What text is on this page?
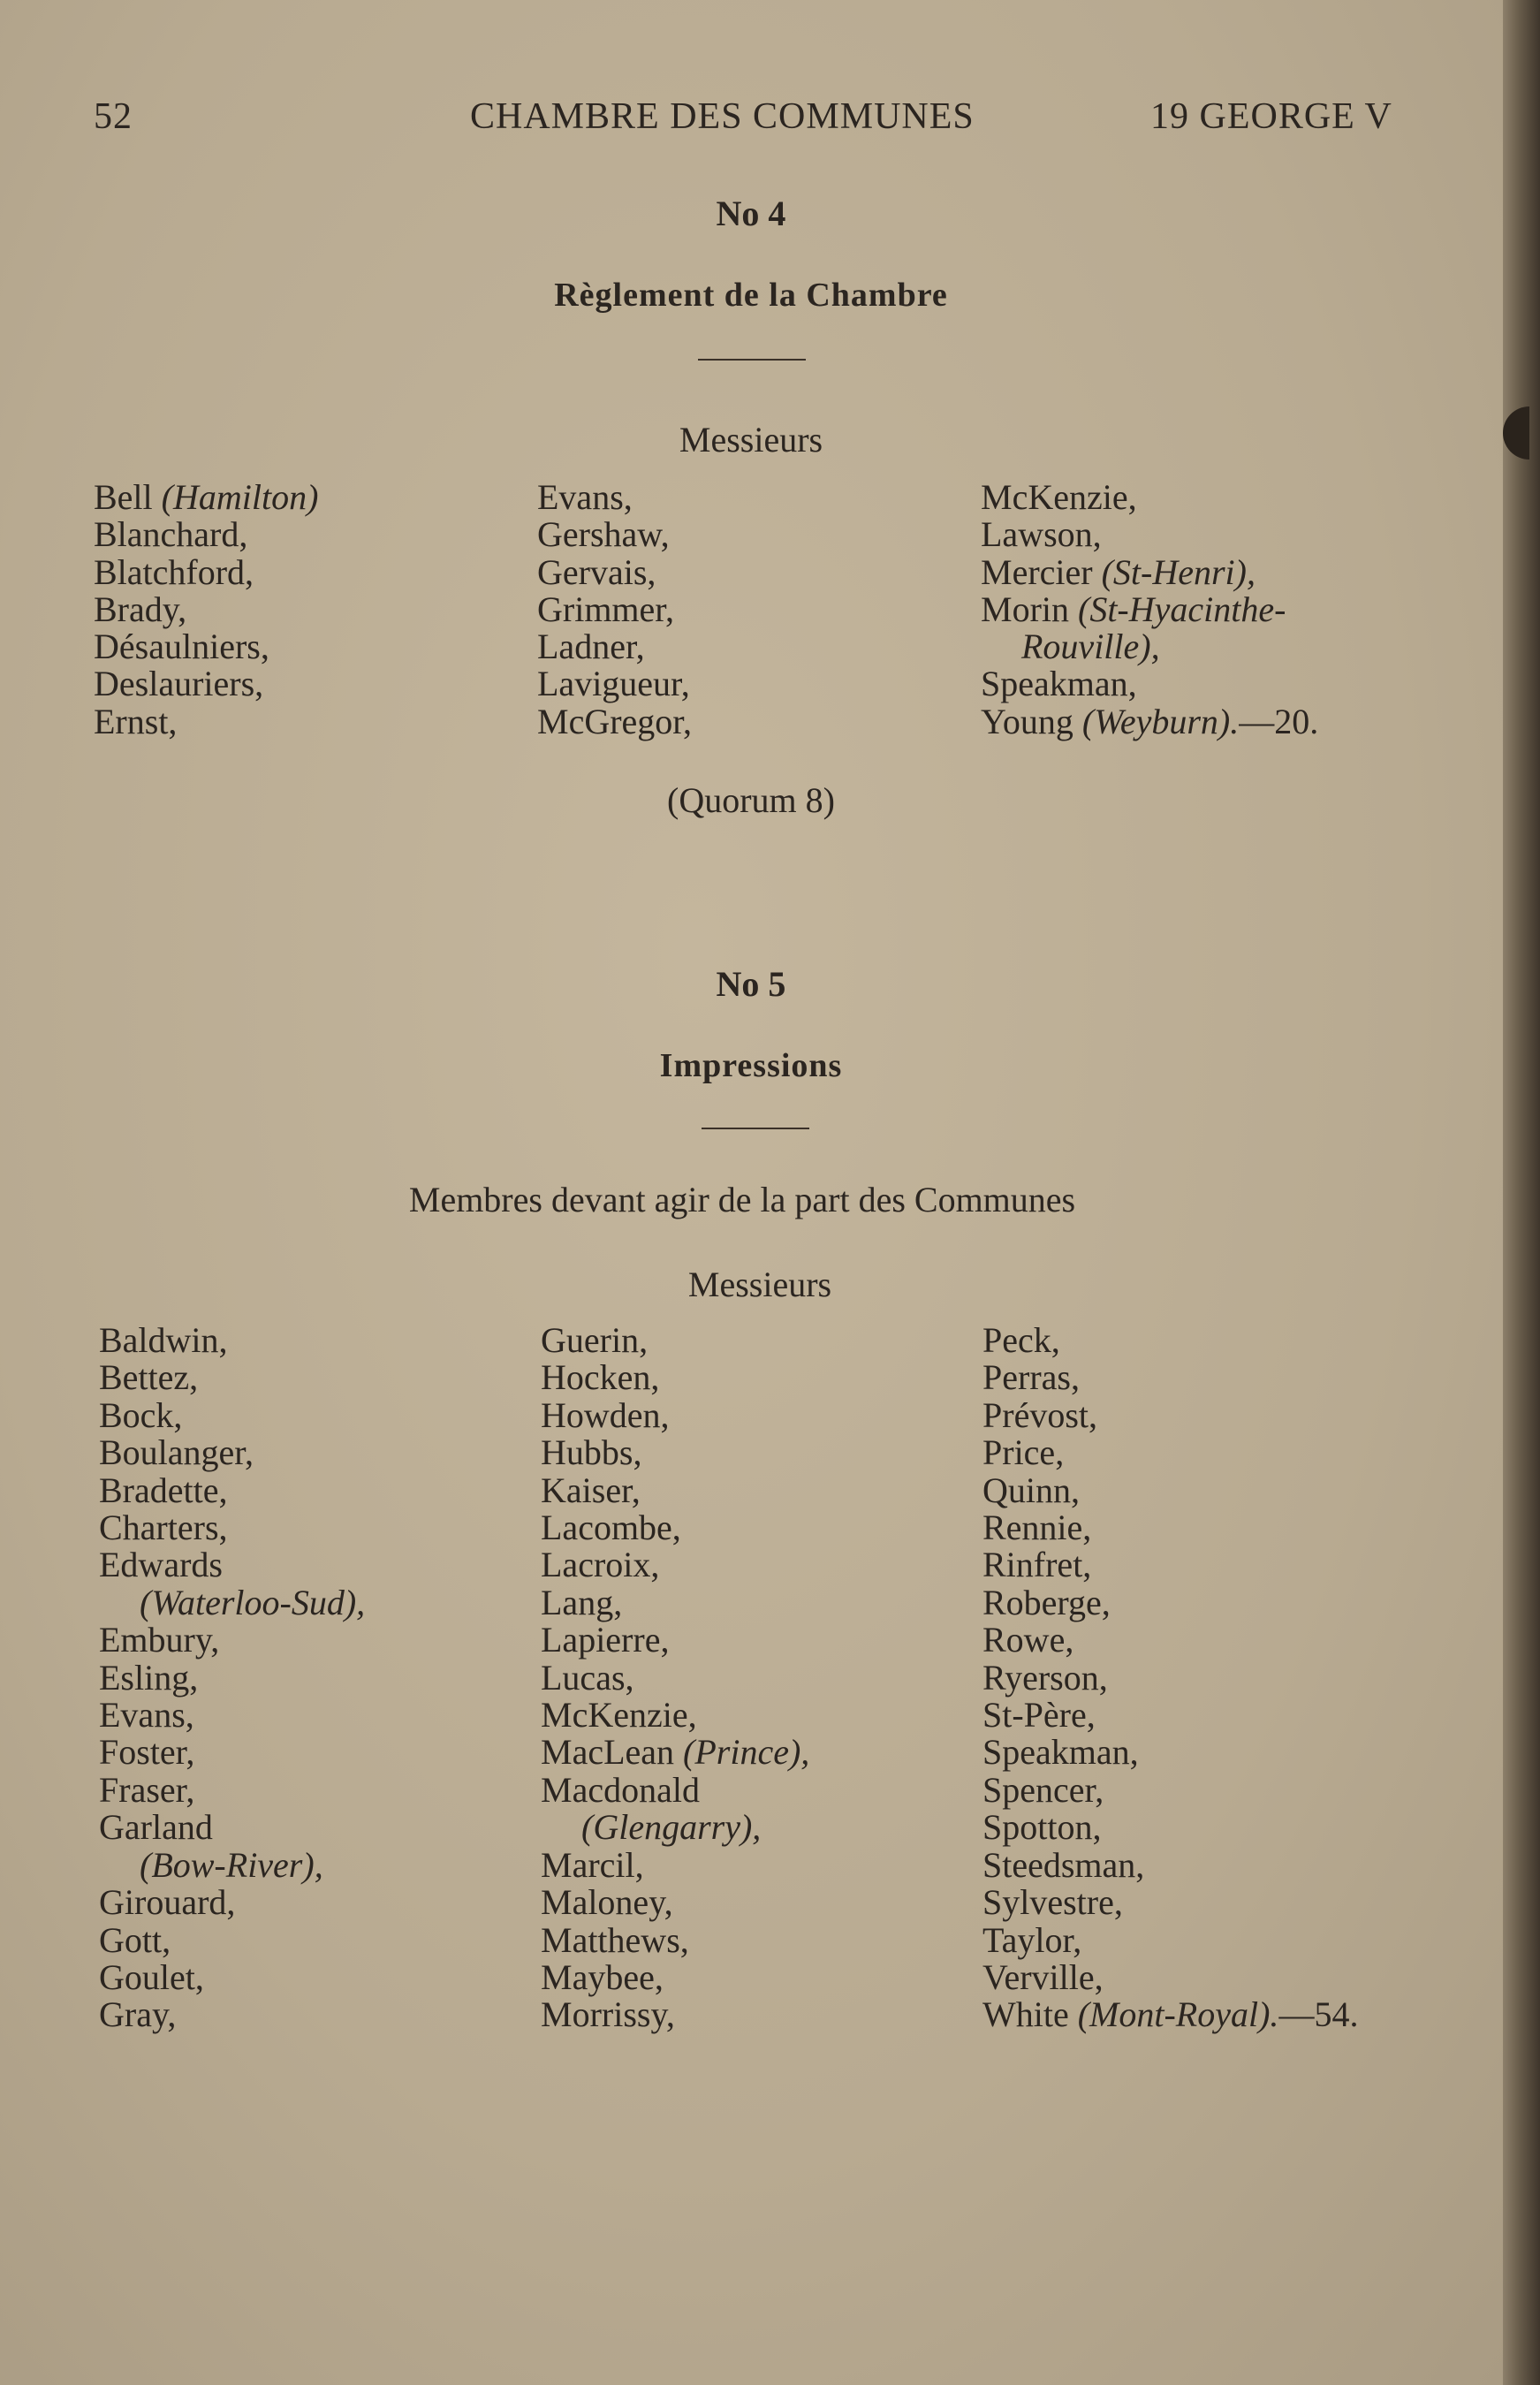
52	CHAMBRE DES COMMUNES	19 GEORGE V
No 4
Règlement de la Chambre
Messieurs
Bell (Hamilton)
Blanchard,
Blatchford,
Brady,
Désaulniers,
Deslauriers,
Ernst,
Evans,
Gershaw,
Gervais,
Grimmer,
Ladner,
Lavigueur,
McGregor,
McKenzie,
Lawson,
Mercier (St-Henri),
Morin (St-Hyacinthe-
Rouville),
Speakman,
Young (Weyburn).—20.
(Quorum 8)
No 5
Impressions
Membres devant agir de la part des Communes
Messieurs
Baldwin,
Bettez,
Bock,
Boulanger,
Bradette,
Charters,
Edwards
(Waterloo-Sud),
Embury,
Esling,
Evans,
Foster,
Fraser,
Garland
(Bow-River),
Girouard,
Gott,
Goulet,
Gray,
Guerin,
Hocken,
Howden,
Hubbs,
Kaiser,
Lacombe,
Lacroix,
Lang,
Lapierre,
Lucas,
McKenzie,
MacLean (Prince),
Macdonald
(Glengarry),
Marcil,
Maloney,
Matthews,
Maybee,
Morrissy,
Peck,
Perras,
Prévost,
Price,
Quinn,
Rennie,
Rinfret,
Roberge,
Rowe,
Ryerson,
St-Père,
Speakman,
Spencer,
Spotton,
Steedsman,
Sylvestre,
Taylor,
Verville,
White (Mont-Royal).—54.
